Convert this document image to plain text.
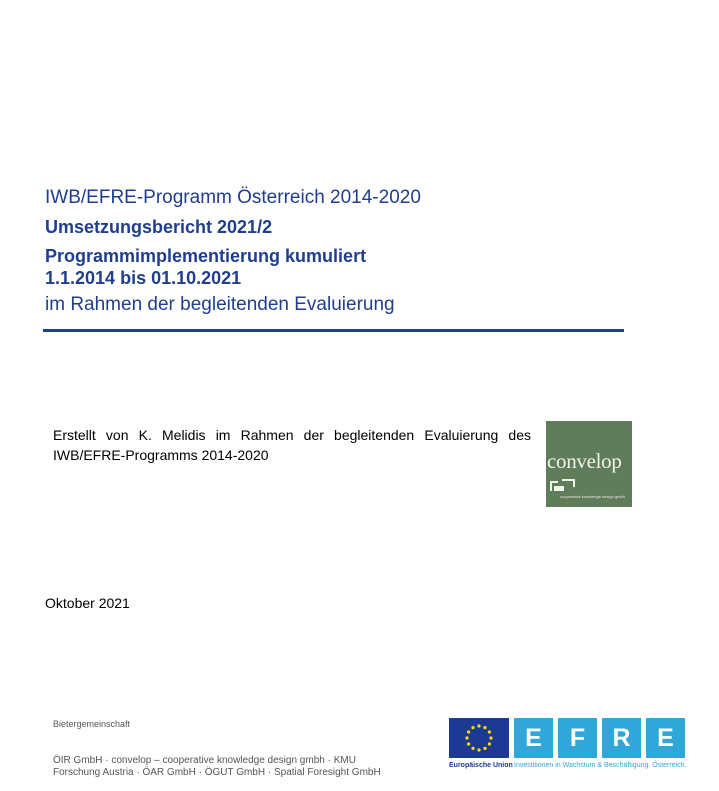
IWB/EFRE-Programm Österreich 2014-2020
Umsetzungsbericht 2021/2
Programmimplementierung kumuliert
1.1.2014 bis 01.10.2021
im Rahmen der begleitenden Evaluierung
Erstellt von K. Melidis im Rahmen der begleitenden Evaluierung des IWB/EFRE-Programms 2014-2020	convelop
cooperative knowledge design gmbh
Oktober 2021
Bietergemeinschaft
ÖIR GmbH · convelop – cooperative knowledge design gmbh · KMU
Forschung Austria · ÖAR GmbH · ÖGUT GmbH · Spatial Foresight GmbH
E	F	R	E
Europäische Union Investitionen in Wachstum & Beschäftigung. Österreich.
